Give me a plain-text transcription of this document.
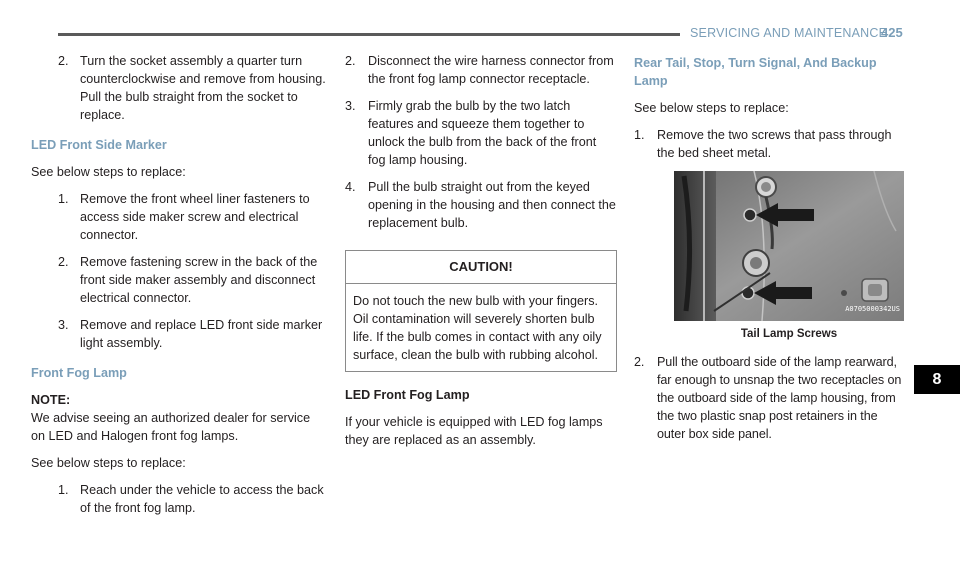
SERVICING AND MAINTENANCE
425
2. Turn the socket assembly a quarter turn counterclockwise and remove from housing. Pull the bulb straight from the socket to replace.
LED Front Side Marker
See below steps to replace:
1. Remove the front wheel liner fasteners to access side maker screw and electrical connector.
2. Remove fastening screw in the back of the front side maker assembly and disconnect electrical connector.
3. Remove and replace LED front side marker light assembly.
Front Fog Lamp
NOTE:
We advise seeing an authorized dealer for service on LED and Halogen front fog lamps.
See below steps to replace:
1. Reach under the vehicle to access the back of the front fog lamp.
2. Disconnect the wire harness connector from the front fog lamp connector receptacle.
3. Firmly grab the bulb by the two latch features and squeeze them together to unlock the bulb from the back of the front fog lamp housing.
4. Pull the bulb straight out from the keyed opening in the housing and then connect the replacement bulb.
CAUTION!
Do not touch the new bulb with your fingers. Oil contamination will severely shorten bulb life. If the bulb comes in contact with any oily surface, clean the bulb with rubbing alcohol.
LED Front Fog Lamp
If your vehicle is equipped with LED fog lamps they are replaced as an assembly.
Rear Tail, Stop, Turn Signal, And Backup Lamp
See below steps to replace:
1. Remove the two screws that pass through the bed sheet metal.
A0705000342US
Tail Lamp Screws
2.	Pull the outboard side of the lamp rearward, far enough to unsnap the two receptacles on the outboard side of the lamp housing, from the two plastic snap post retainers in the outer box side panel.
8
